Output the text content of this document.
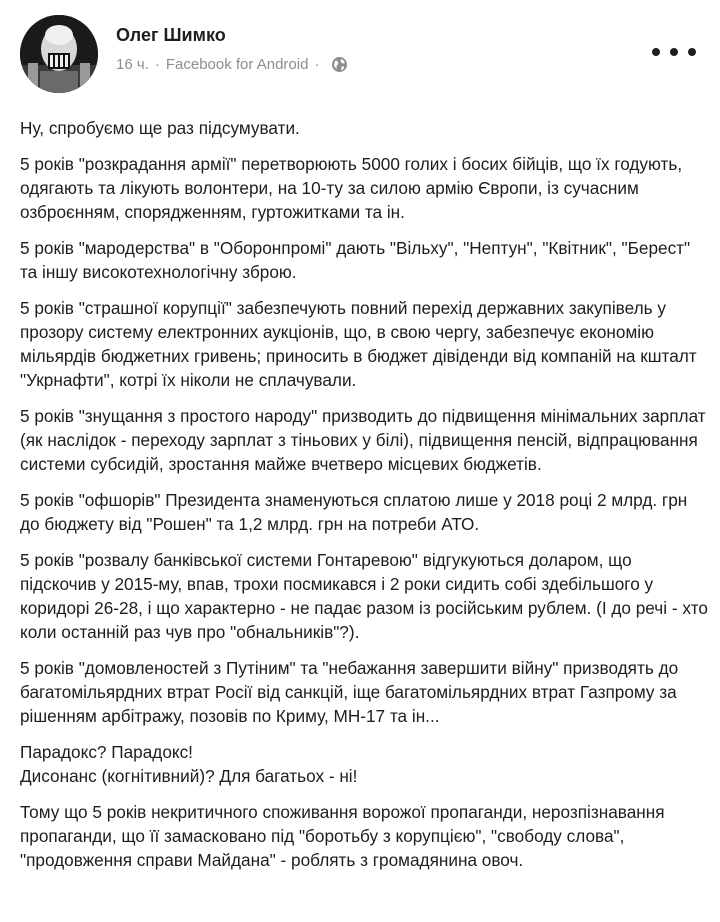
Олег Шимко
16 ч. · Facebook for Android ·

Ну, спробуємо ще раз підсумувати.

5 років "розкрадання армії" перетворюють 5000 голих і босих бійців, що їх годують, одягають та лікують волонтери, на 10-ту за силою армію Європи, із сучасним озброєнням, спорядженням, гуртожитками та ін.

5 років "мародерства" в "Оборонпромі" дають "Вільху", "Нептун", "Квітник", "Берест" та іншу високотехнологічну зброю.

5 років "страшної корупції" забезпечують повний перехід державних закупівель у прозору систему електронних аукціонів, що, в свою чергу, забезпечує економію мільярдів бюджетних гривень; приносить в бюджет дівіденди від компаній на кшталт "Укрнафти", котрі їх ніколи не сплачували.

5 років "знущання з простого народу" призводить до підвищення мінімальних зарплат (як наслідок - переходу зарплат з тіньових у білі), підвищення пенсій, відпрацювання системи субсидій, зростання майже вчетверо місцевих бюджетів.

5 років "офшорів" Президента знаменуються сплатою лише у 2018 році 2 млрд. грн до бюджету від "Рошен" та 1,2 млрд. грн на потреби АТО.

5 років "розвалу банківської системи Гонтаревою" відгукуються доларом, що підскочив у 2015-му, впав, трохи посмикався і 2 роки сидить собі здебільшого у коридорі 26-28, і що характерно - не падає разом із російським рублем. (І до речі - хто коли останній раз чув про "обнальників"?).

5 років "домовленостей з Путіним" та "небажання завершити війну" призводять до багатомільярдних втрат Росії від санкцій, іще багатомільярдних втрат Газпрому за рішенням арбітражу, позовів по Криму, МН-17 та ін...

Парадокс? Парадокс!
Дисонанс (когнітивний)? Для багатьох - ні!

Тому що 5 років некритичного споживання ворожої пропаганди, нерозпізнавання пропаганди, що її замасковано під "боротьбу з корупцією", "свободу слова", "продовження справи Майдана" - роблять з громадянина овоч.
